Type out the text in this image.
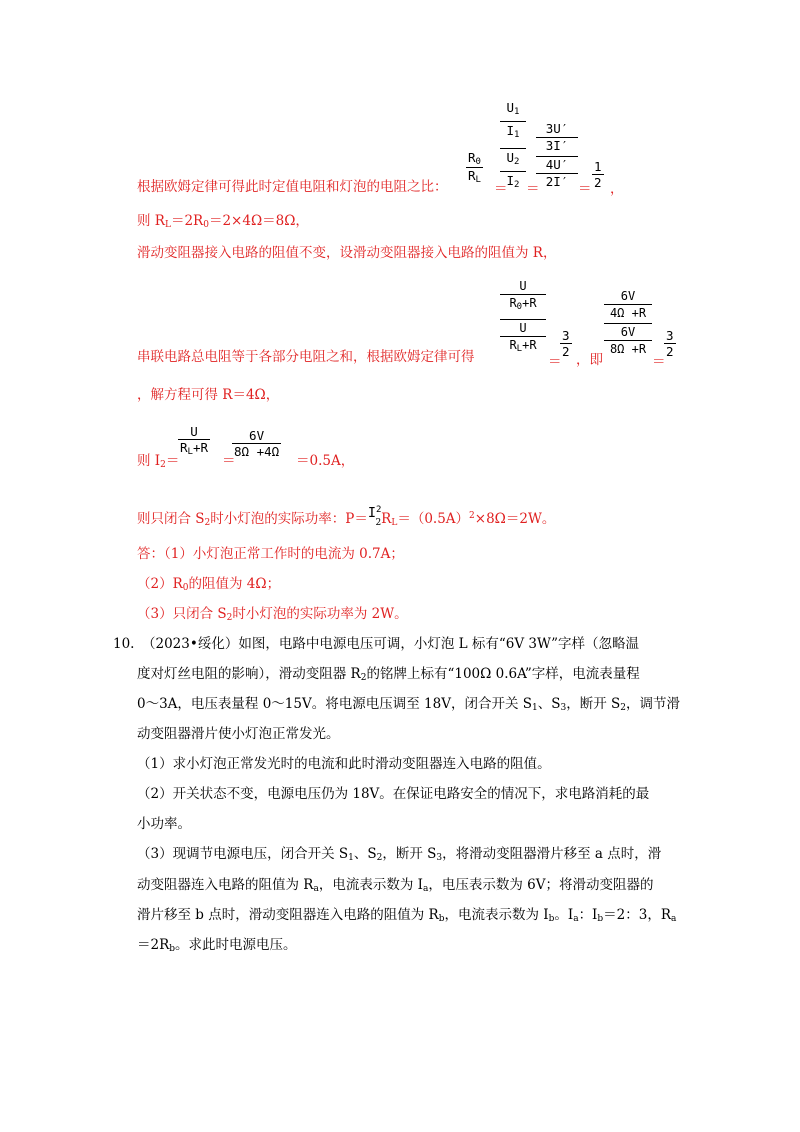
根据欧姆定律可得此时定值电阻和灯泡的电阻之比：
$R_0$
$R_L$
＝
$U_1$
$I_1$
$U_2$
$I_2$ ＝
3U′
3I′
4U′
2I′ ＝
1
2 ，
则 $R_L=2R_0=2\times 4\Omega=8\Omega$，
滑动变阻器接入电路的阻值不变，设滑动变阻器接入电路的阻值为 R，
串联电路总电阻等于各部分电阻之和，根据欧姆定律可得
U
$R_0+R$
U
$R_L+R$
＝
3
2
，即
6V
4Ω +R
6V
8Ω +R
＝
3
2
，解方程可得 R＝4Ω，
则 $I_2=$
U
$R_L+R$
＝
6V
8Ω +4Ω
＝0.5A，
则只闭合 $S_2$时小灯泡的实际功率：$P=I^2_2R_L=(0.5A)^2\times 8\Omega=2W$。
答：（1）小灯泡正常工作时的电流为 0.7A；
$(2)R_0$的阻值为 4Ω；
（3）只闭合 $S_2$时小灯泡的实际功率为 2W。
10. （2023•绥化）如图，电路中电源电压可调，小灯泡 L 标有“6V 3W”字样（忽略温
度对灯丝电阻的影响），滑动变阻器 $R_2$的铭牌上标有“100Ω 0.6A”字样，电流表量程
0～3A，电压表量程 0～15V。将电源电压调至 18V，闭合开关 $S_1$、$S_3$，断开 $S_2$，调节滑
动变阻器滑片使小灯泡正常发光。
（1）求小灯泡正常发光时的电流和此时滑动变阻器连入电路的阻值。
（2）开关状态不变，电源电压仍为 18V。在保证电路安全的情况下，求电路消耗的最
小功率。
（3）现调节电源电压，闭合开关 $S_1$、$S_2$，断开 $S_3$，将滑动变阻器滑片移至 a 点时，滑
动变阻器连入电路的阻值为 $R_a$，电流表示数为 $I_a$，电压表示数为 6V；将滑动变阻器的
滑片移至 b 点时，滑动变阻器连入电路的阻值为 $R_b$，电流表示数为 $I_b$。$I_a$：$I_b=2$：3，$R_a$
$=2R_b$。求此时电源电压。
